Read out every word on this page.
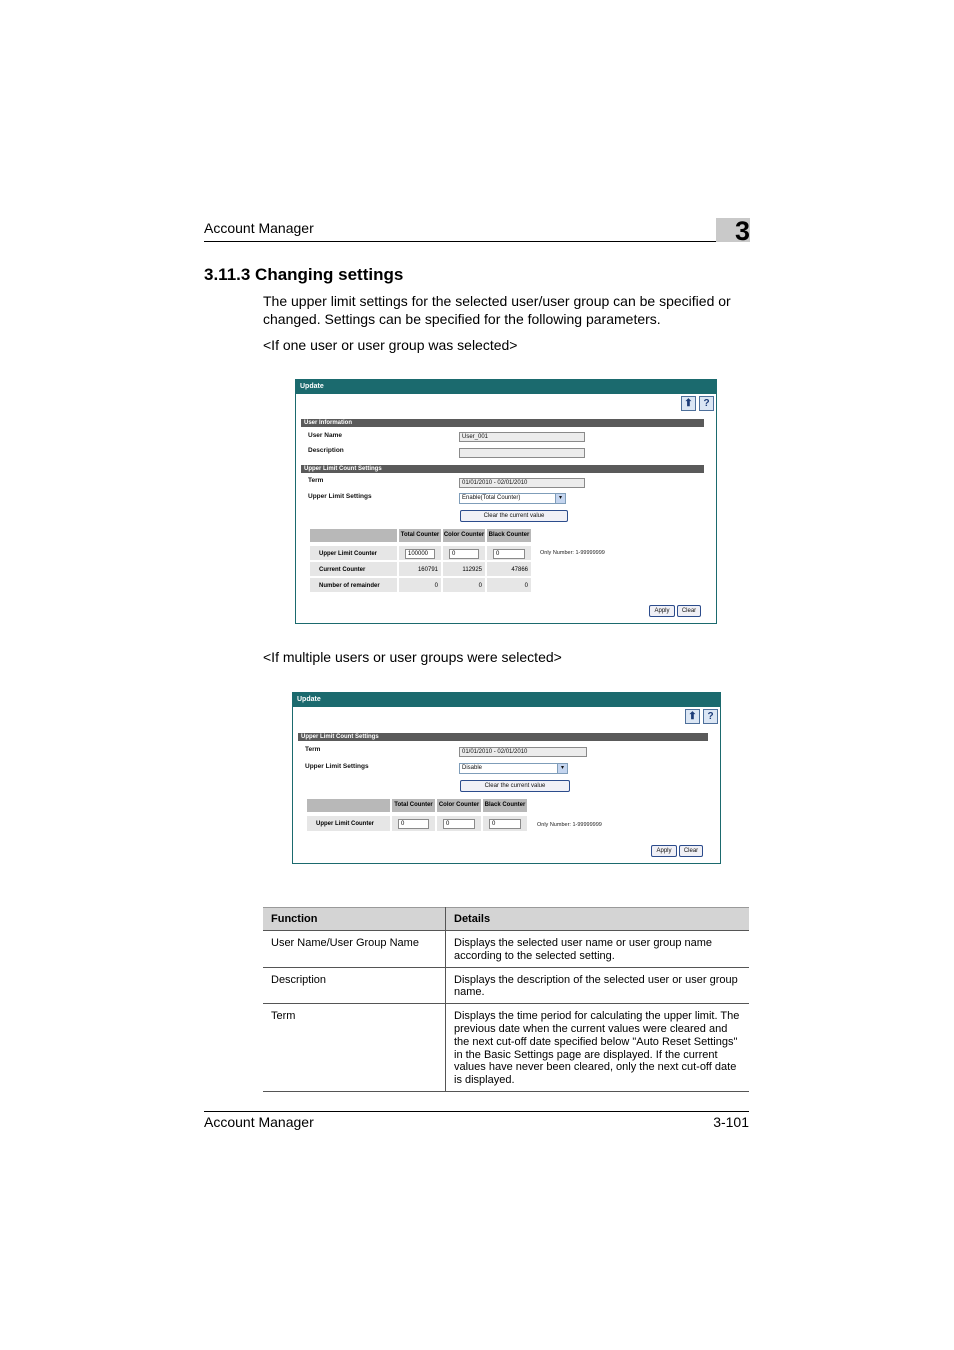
Account Manager	3
3.11.3 Changing settings
The upper limit settings for the selected user/user group can be specified or changed. Settings can be specified for the following parameters.
<If one user or user group was selected>
Update
⬆	?
User Information
User Name	User_001
Description
Upper Limit Count Settings
Term	01/01/2010 - 02/01/2010
Upper Limit Settings	Enable(Total Counter)	▾
Clear the current value
Total Counter Color Counter Black Counter
Upper Limit Counter	100000	0	0
Current Counter	160791	112925	47866
Number of remainder	0	0	0
Only Number: 1-99999999
Apply	Clear
<If multiple users or user groups were selected>
Update
⬆	?
Upper Limit Count Settings
Term	01/01/2010 - 02/01/2010
Upper Limit Settings	Disable	▾
Clear the current value
Total Counter	Color Counter Black Counter
Upper Limit Counter	0	0	0	Only Number: 1-99999999
Apply	Clear
Function	Details
User Name/User Group Name	Displays the selected user name or user group name according to the selected setting.
Description	Displays the description of the selected user or user group name.
Term	Displays the time period for calculating the upper limit. The previous date when the current values were cleared and the next cut-off date specified below "Auto Reset Settings" in the Basic Settings page are displayed. If the current values have never been cleared, only the next cut-off date is displayed.
Account Manager	3-101
